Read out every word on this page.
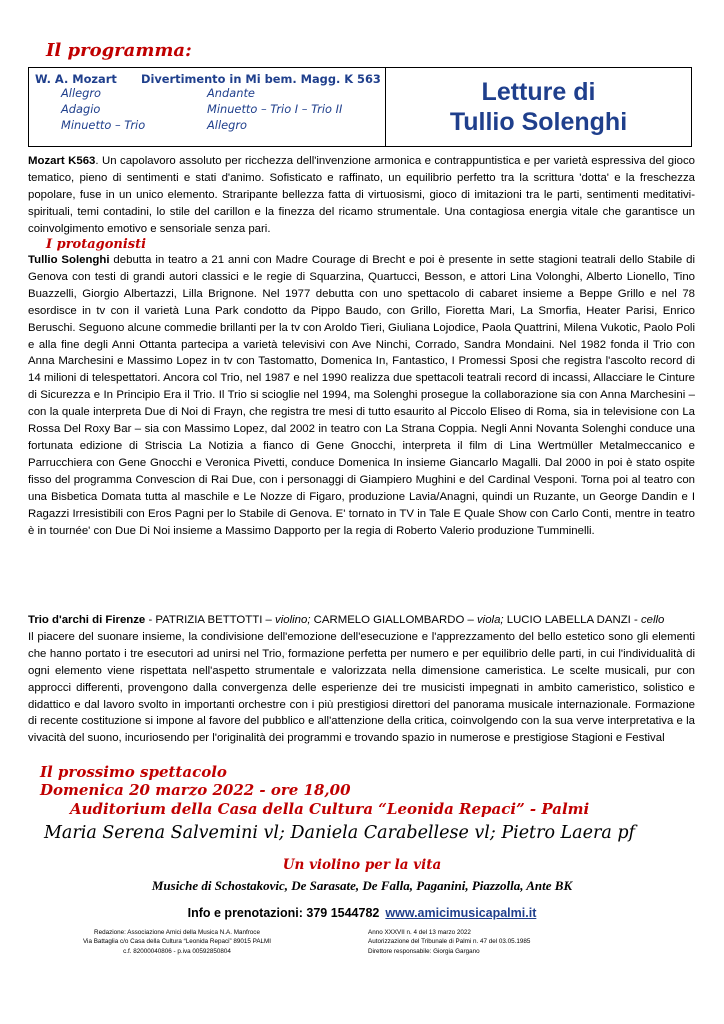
Il programma:
W. A. Mozart Divertimento in Mi bem. Magg. K 563
Allegro	Andante
Adagio	Minuetto – Trio I – Trio II
Minuetto – Trio	Allegro
Letture di
Tullio Solenghi
Mozart K563. Un capolavoro assoluto per ricchezza dell'invenzione armonica e contrappuntistica e per varietà espressiva del gioco tematico, pieno di sentimenti e stati d'animo. Sofisticato e raffinato, un equilibrio perfetto tra la scrittura 'dotta' e la freschezza popolare, fuse in un unico elemento. Straripante bellezza fatta di virtuosismi, gioco di imitazioni tra le parti, sentimenti meditativi-spirituali, temi contadini, lo stile del carillon e la finezza del ricamo strumentale. Una contagiosa energia vitale che garantisce un coinvolgimento emotivo e sensoriale senza pari.
I protagonisti
Tullio Solenghi debutta in teatro a 21 anni con Madre Courage di Brecht e poi è presente in sette stagioni teatrali dello Stabile di Genova con testi di grandi autori classici e le regie di Squarzina, Quartucci, Besson, e attori Lina Volonghi, Alberto Lionello, Tino Buazzelli, Giorgio Albertazzi, Lilla Brignone. Nel 1977 debutta con uno spettacolo di cabaret insieme a Beppe Grillo e nel 78 esordisce in tv con il varietà Luna Park condotto da Pippo Baudo, con Grillo, Fioretta Mari, La Smorfia, Heater Parisi, Enrico Beruschi. Seguono alcune commedie brillanti per la tv con Aroldo Tieri, Giuliana Lojodice, Paola Quattrini, Milena Vukotic, Paolo Poli e alla fine degli Anni Ottanta partecipa a varietà televisivi con Ave Ninchi, Corrado, Sandra Mondaini. Nel 1982 fonda il Trio con Anna Marchesini e Massimo Lopez in tv con Tastomatto, Domenica In, Fantastico, I Promessi Sposi che registra l'ascolto record di 14 milioni di telespettatori. Ancora col Trio, nel 1987 e nel 1990 realizza due spettacoli teatrali record di incassi, Allacciare le Cinture di Sicurezza e In Principio Era il Trio. Il Trio si scioglie nel 1994, ma Solenghi prosegue la collaborazione sia con Anna Marchesini – con la quale interpreta Due di Noi di Frayn, che registra tre mesi di tutto esaurito al Piccolo Eliseo di Roma, sia in televisione con La Rossa Del Roxy Bar – sia con Massimo Lopez, dal 2002 in teatro con La Strana Coppia. Negli Anni Novanta Solenghi conduce una fortunata edizione di Striscia La Notizia a fianco di Gene Gnocchi, interpreta il film di Lina Wertmüller Metalmeccanico e Parrucchiera con Gene Gnocchi e Veronica Pivetti, conduce Domenica In insieme Giancarlo Magalli. Dal 2000 in poi è stato ospite fisso del programma Convescion di Rai Due, con i personaggi di Giampiero Mughini e del Cardinal Vesponi. Torna poi al teatro con una Bisbetica Domata tutta al maschile e Le Nozze di Figaro, produzione Lavia/Anagni, quindi un Ruzante, un George Dandin e I Ragazzi Irresistibili con Eros Pagni per lo Stabile di Genova. E' tornato in TV in Tale E Quale Show con Carlo Conti, mentre in teatro è in tournée' con Due Di Noi insieme a Massimo Dapporto per la regia di Roberto Valerio produzione Tumminelli.
Trio d'archi di Firenze - PATRIZIA BETTOTTI – violino; CARMELO GIALLOMBARDO – viola; LUCIO LABELLA DANZI - cello
Il piacere del suonare insieme, la condivisione dell'emozione dell'esecuzione e l'apprezzamento del bello estetico sono gli elementi che hanno portato i tre esecutori ad unirsi nel Trio, formazione perfetta per numero e per equilibrio delle parti, in cui l'individualità di ogni elemento viene rispettata nell'aspetto strumentale e valorizzata nella dimensione cameristica. Le scelte musicali, pur con approcci differenti, provengono dalla convergenza delle esperienze dei tre musicisti impegnati in ambito cameristico, solistico e didattico e dal lavoro svolto in importanti orchestre con i più prestigiosi direttori del panorama musicale internazionale. Formazione di recente costituzione si impone al favore del pubblico e all'attenzione della critica, coinvolgendo con la sua verve interpretativa e la vivacità del suono, incuriosendo per l'originalità dei programmi e trovando spazio in numerose e prestigiose Stagioni e Festival
Il prossimo spettacolo
Domenica 20 marzo 2022 - ore 18,00
Auditorium della Casa della Cultura “Leonida Repaci” - Palmi
Maria Serena Salvemini vl; Daniela Carabellese vl; Pietro Laera pf
Un violino per la vita
Musiche di Schostakovic, De Sarasate, De Falla, Paganini, Piazzolla, Ante BK
Info e prenotazioni: 379 1544782 www.amicimusicapalmi.it
Redazione: Associazione Amici della Musica N.A. Manfroce
Via Battaglia c/o Casa della Cultura “Leonida Repaci” 89015 PALMI
c.f. 82000040806 - p.iva 00592850804
Anno XXXVII n. 4 del 13 marzo 2022
Autorizzazione del Tribunale di Palmi n. 47 del 03.05.1985
Direttore responsabile: Giorgia Gargano
